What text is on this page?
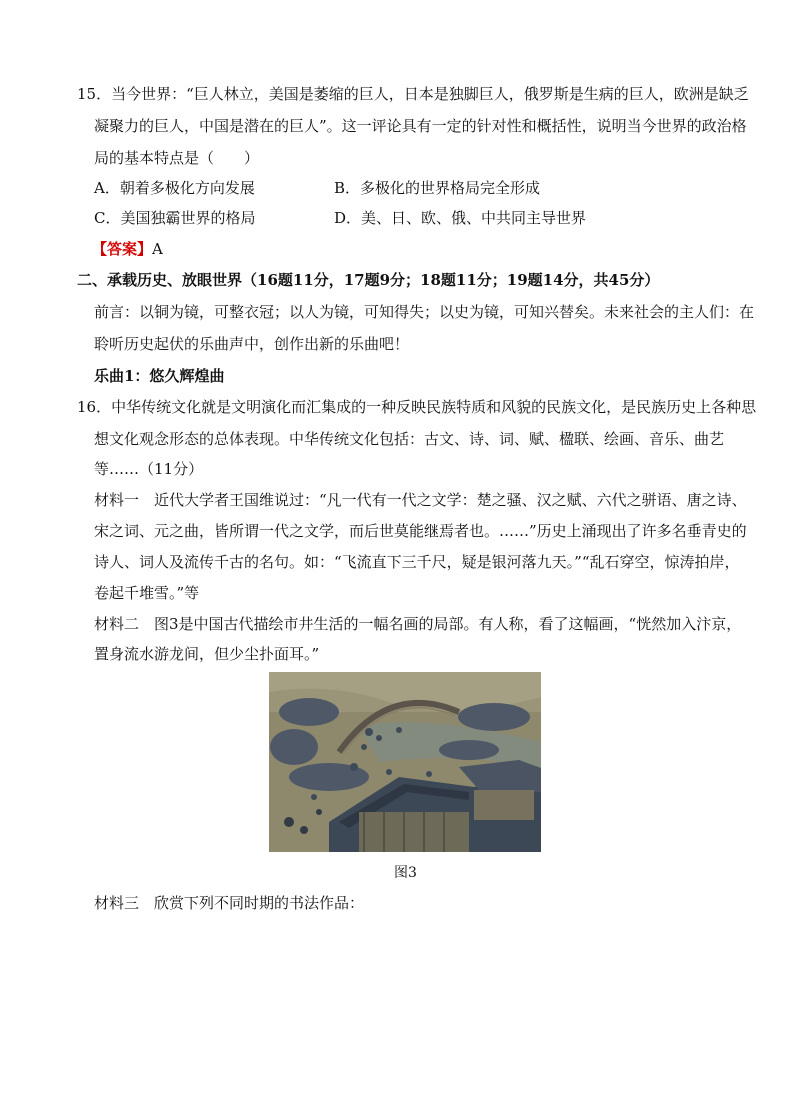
15．当今世界：“巨人林立，美国是萎缩的巨人，日本是独脚巨人，俄罗斯是生病的巨人，欧洲是缺乏
凝聚力的巨人，中国是潜在的巨人”。这一评论具有一定的针对性和概括性，说明当今世界的政治格
局的基本特点是（　　）
A．朝着多极化方向发展	B．多极化的世界格局完全形成
C．美国独霸世界的格局	D．美、日、欧、俄、中共同主导世界
【答案】A
二、承载历史、放眼世界（16题11分，17题9分；18题11分；19题14分，共45分）
前言：以铜为镜，可整衣冠；以人为镜，可知得失；以史为镜，可知兴替矣。未来社会的主人们：在
聆听历史起伏的乐曲声中，创作出新的乐曲吧！
乐曲1：悠久辉煌曲
16．中华传统文化就是文明演化而汇集成的一种反映民族特质和风貌的民族文化，是民族历史上各种思
想文化观念形态的总体表现。中华传统文化包括：古文、诗、词、赋、楹联、绘画、音乐、曲艺
等……（11分）
材料一　近代大学者王国维说过：“凡一代有一代之文学：楚之骚、汉之赋、六代之骈语、唐之诗、
宋之词、元之曲，皆所谓一代之文学，而后世莫能继焉者也。……”历史上涌现出了许多名垂青史的
诗人、词人及流传千古的名句。如：“飞流直下三千尺，疑是银河落九天。”“乱石穿空，惊涛拍岸，
卷起千堆雪。”等
材料二　图3是中国古代描绘市井生活的一幅名画的局部。有人称，看了这幅画，“恍然加入汴京，
置身流水游龙间，但少尘扑面耳。”
图3
材料三　欣赏下列不同时期的书法作品：
